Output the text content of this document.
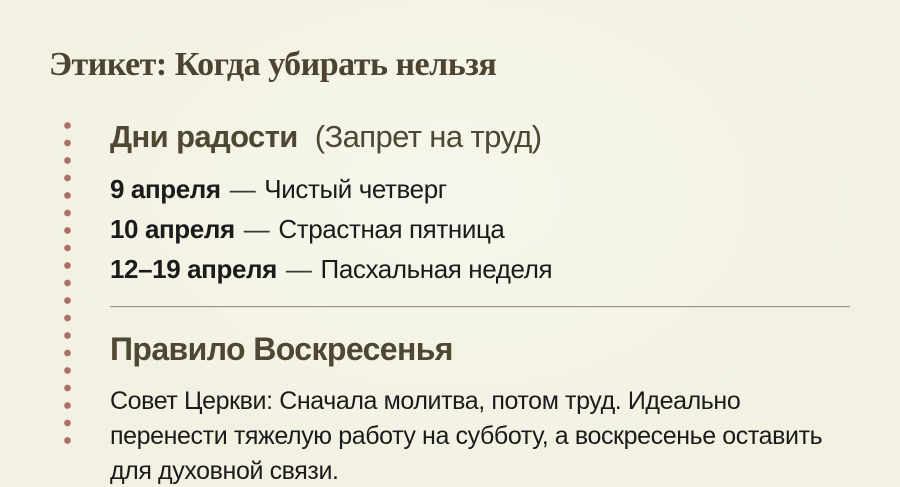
Этикет: Когда убирать нельзя
Дни радости (Запрет на труд)
9 апреля — Чистый четверг
10 апреля — Страстная пятница
12–19 апреля — Пасхальная неделя
Правило Воскресенья

Совет Церкви: Сначала молитва, потом труд. Идеально перенести тяжелую работу на субботу, а воскресенье оставить для духовной связи.
